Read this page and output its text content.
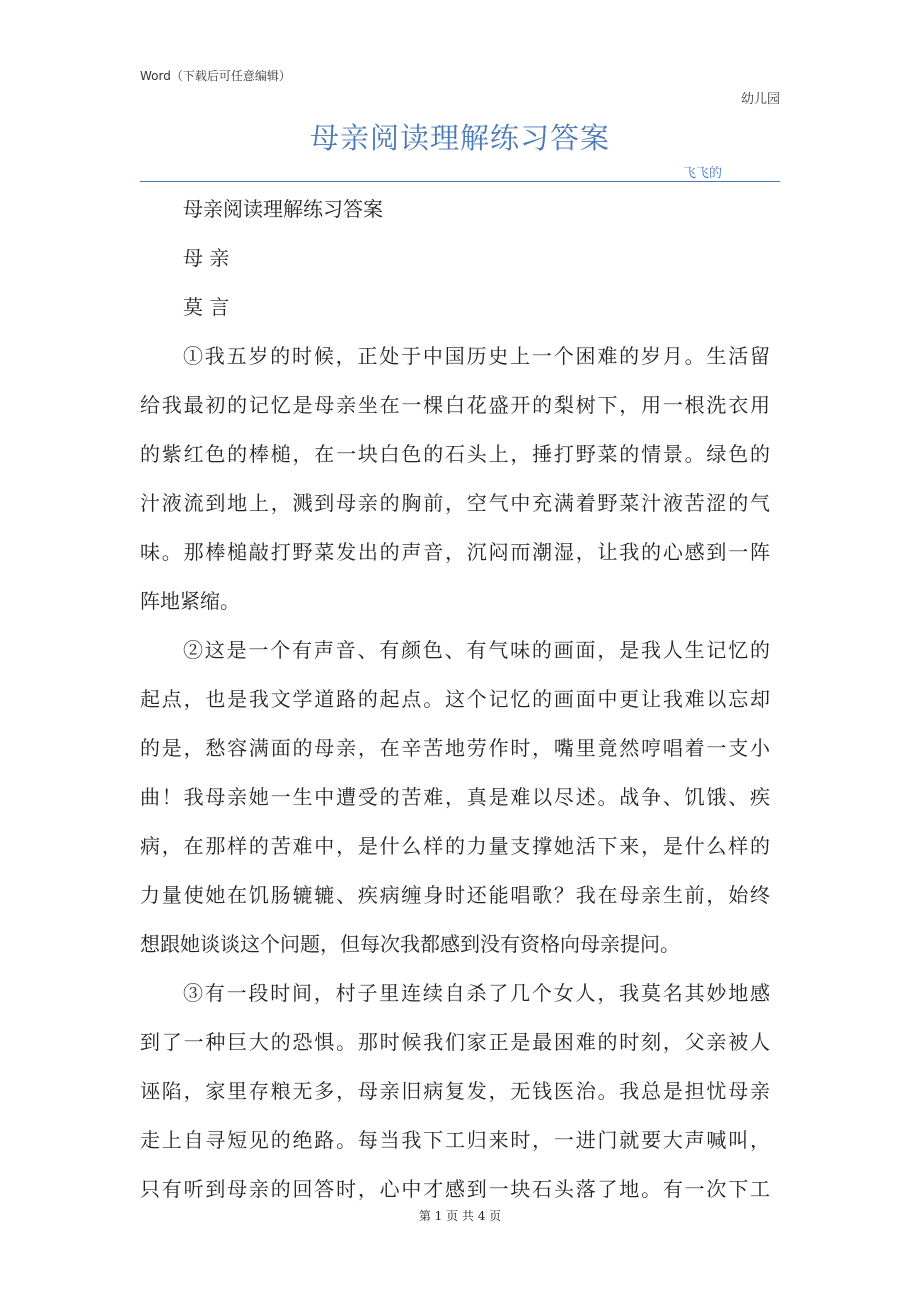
Word（下载后可任意编辑）
幼儿园
母亲阅读理解练习答案
飞飞的
母亲阅读理解练习答案
母 亲
莫 言
①我五岁的时候，正处于中国历史上一个困难的岁月。生活留
给我最初的记忆是母亲坐在一棵白花盛开的梨树下，用一根洗衣用
的紫红色的棒槌，在一块白色的石头上，捶打野菜的情景。绿色的
汁液流到地上，溅到母亲的胸前，空气中充满着野菜汁液苦涩的气
味。那棒槌敲打野菜发出的声音，沉闷而潮湿，让我的心感到一阵
阵地紧缩。
②这是一个有声音、有颜色、有气味的画面，是我人生记忆的
起点，也是我文学道路的起点。这个记忆的画面中更让我难以忘却
的是，愁容满面的母亲，在辛苦地劳作时，嘴里竟然哼唱着一支小
曲！我母亲她一生中遭受的苦难，真是难以尽述。战争、饥饿、疾
病，在那样的苦难中，是什么样的力量支撑她活下来，是什么样的
力量使她在饥肠辘辘、疾病缠身时还能唱歌？我在母亲生前，始终
想跟她谈谈这个问题，但每次我都感到没有资格向母亲提问。
③有一段时间，村子里连续自杀了几个女人，我莫名其妙地感
到了一种巨大的恐惧。那时候我们家正是最困难的时刻，父亲被人
诬陷，家里存粮无多，母亲旧病复发，无钱医治。我总是担忧母亲
走上自寻短见的绝路。每当我下工归来时，一进门就要大声喊叫，
只有听到母亲的回答时，心中才感到一块石头落了地。有一次下工
第 1 页 共 4 页
